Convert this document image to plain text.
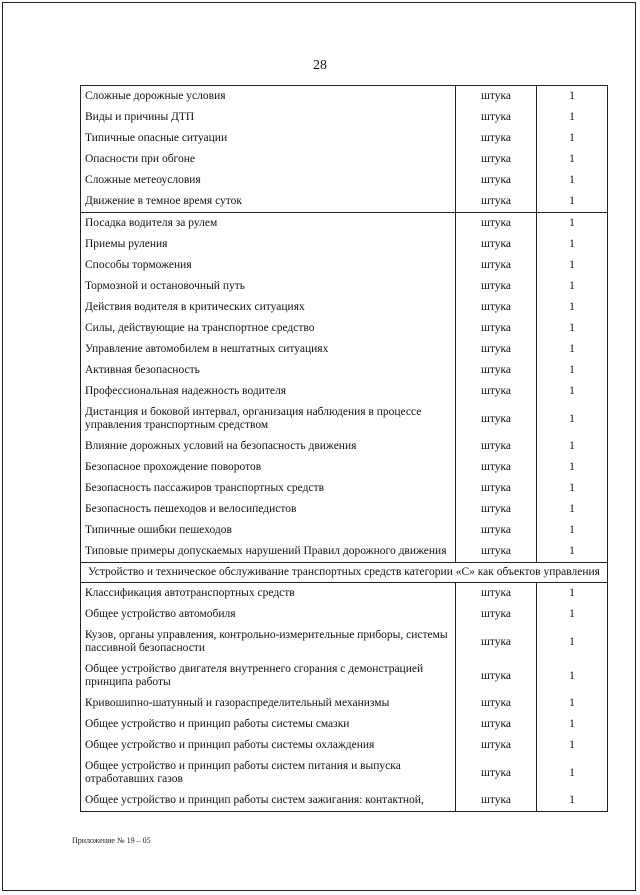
28
Сложные дорожные условия	штука	1
Виды и причины ДТП	штука	1
Типичные опасные ситуации	штука	1
Опасности при обгоне	штука	1
Сложные метеоусловия	штука	1
Движение в темное время суток	штука	1
Посадка водителя за рулем	штука	1
Приемы руления	штука	1
Способы торможения	штука	1
Тормозной и остановочный путь	штука	1
Действия водителя в критических ситуациях	штука	1
Силы, действующие на транспортное средство	штука	1
Управление автомобилем в нештатных ситуациях	штука	1
Активная безопасность	штука	1
Профессиональная надежность водителя	штука	1
Дистанция и боковой интервал, организация наблюдения в процессе управления транспортным средством	штука	1
Влияние дорожных условий на безопасность движения	штука	1
Безопасное прохождение поворотов	штука	1
Безопасность пассажиров транспортных средств	штука	1
Безопасность пешеходов и велосипедистов	штука	1
Типичные ошибки пешеходов	штука	1
Типовые примеры допускаемых нарушений Правил дорожного движения	штука	1
Устройство и техническое обслуживание транспортных средств категории «С» как объектов управления		
Классификация автотранспортных средств	штука	1
Общее устройство автомобиля	штука	1
Кузов, органы управления, контрольно-измерительные приборы, системы пассивной безопасности	штука	1
Общее устройство двигателя внутреннего сгорания с демонстрацией принципа работы	штука	1
Кривошипно-шатунный и газораспределительный механизмы	штука	1
Общее устройство и принцип работы системы смазки	штука	1
Общее устройство и принцип работы системы охлаждения	штука	1
Общее устройство и принцип работы систем питания и выпуска отработавших газов	штука	1
Общее устройство и принцип работы систем зажигания: контактной,	штука	1
Приложение № 19 – 05
